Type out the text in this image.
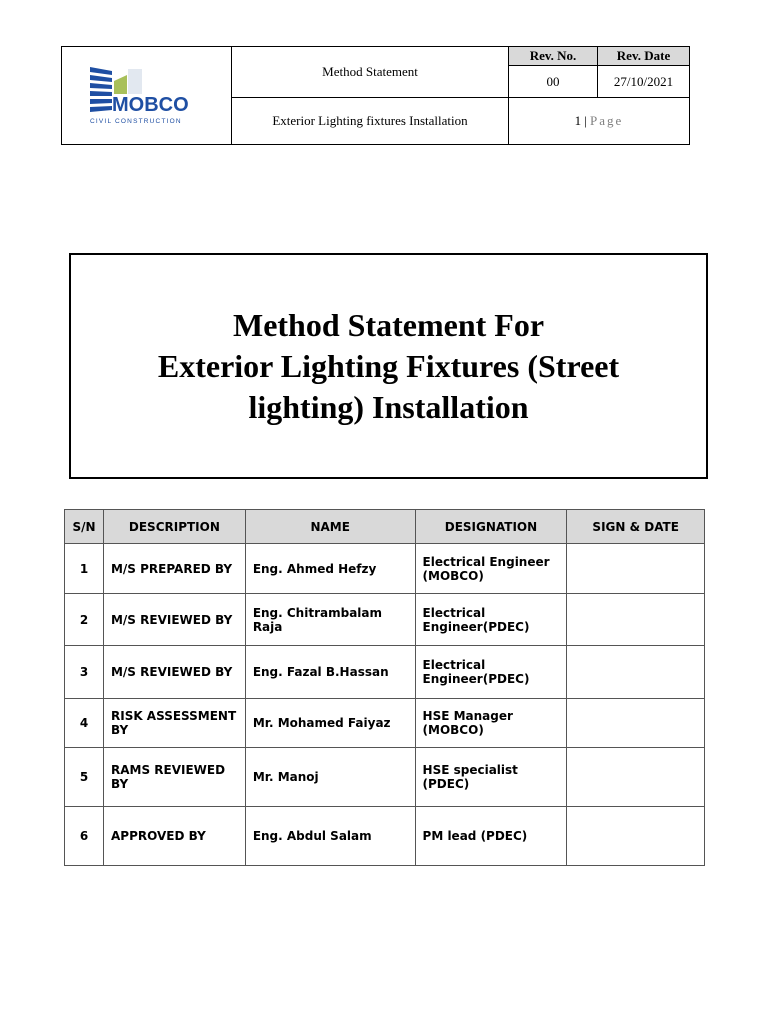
MOBCO
CIVIL CONSTRUCTION
Method Statement
Exterior Lighting fixtures Installation
Rev. No.	Rev. Date
00	27/10/2021
1 | Page
Method Statement For
Exterior Lighting Fixtures (Street
lighting) Installation
S/N	DESCRIPTION	NAME	DESIGNATION	SIGN & DATE
1	M/S PREPARED BY	Eng. Ahmed Hefzy	Electrical Engineer (MOBCO)	
2	M/S REVIEWED BY	Eng. Chitrambalam Raja	Electrical Engineer(PDEC)	
3	M/S REVIEWED BY	Eng. Fazal B.Hassan	Electrical Engineer(PDEC)	
4	RISK ASSESSMENT BY	Mr. Mohamed Faiyaz	HSE Manager (MOBCO)	
5	RAMS REVIEWED BY	Mr. Manoj	HSE specialist (PDEC)	
6	APPROVED BY	Eng. Abdul Salam	PM lead (PDEC)	
